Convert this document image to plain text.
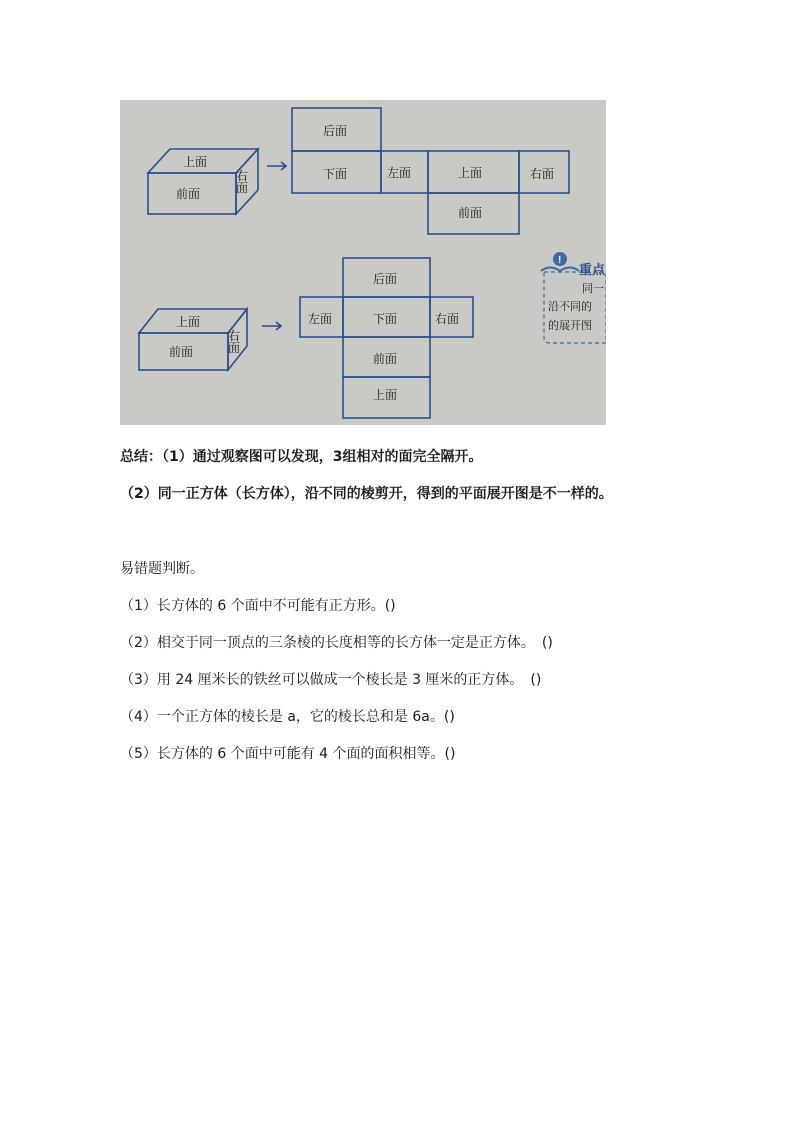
!
上面
前面
右面
后面
下面	左面	上面	右面
前面
上面
前面
右面
后面
左面	下面	右面
前面
上面
重点
同一
沿不同的
的展开图
总结：（1）通过观察图可以发现，3组相对的面完全隔开。
（2）同一正方体（长方体），沿不同的棱剪开，得到的平面展开图是不一样的。
易错题判断。
（1）长方体的 6 个面中不可能有正方形。()
（2）相交于同一顶点的三条棱的长度相等的长方体一定是正方体。　()
（3）用 24 厘米长的铁丝可以做成一个棱长是 3 厘米的正方体。　()
（4）一个正方体的棱长是 a，它的棱长总和是 6a。()
（5）长方体的 6 个面中可能有 4 个面的面积相等。()
